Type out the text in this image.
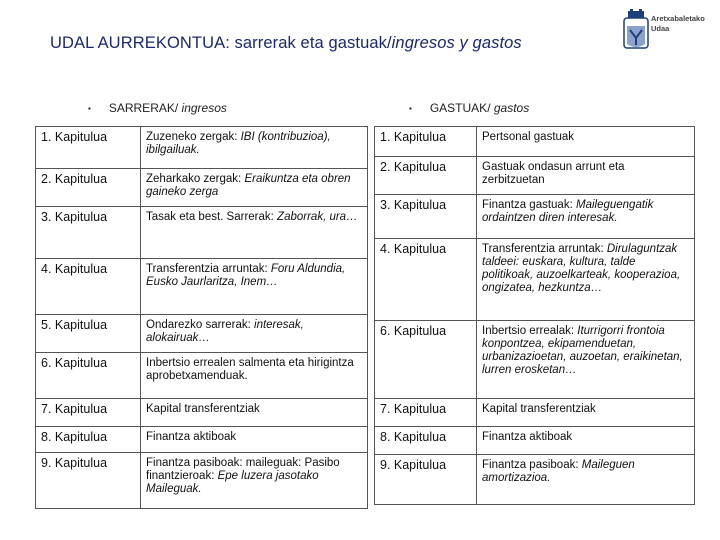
UDAL AURREKONTUA: sarrerak eta gastuak/ingresos y gastos
Aretxabaletako
Udaa
▪ SARRERAK/ ingresos	▪ GASTUAK/ gastos
1. Kapitulua	Zuzeneko zergak: IBI (kontribuzioa), ibilgailuak.
2. Kapitulua	Zeharkako zergak: Eraikuntza eta obren gaineko zerga
3. Kapitulua	Tasak eta best. Sarrerak: Zaborrak, ura…
4. Kapitulua	Transferentzia arruntak: Foru Aldundia, Eusko Jaurlaritza, Inem…
5. Kapitulua	Ondarezko sarrerak: interesak, alokairuak…
6. Kapitulua	Inbertsio errealen salmenta eta hirigintza aprobetxamenduak.
7. Kapitulua	Kapital transferentziak
8. Kapitulua	Finantza aktiboak
9. Kapitulua	Finantza pasiboak: maileguak: Pasibo finantzieroak: Epe luzera jasotako Maileguak.
1. Kapitulua	Pertsonal gastuak
2. Kapitulua	Gastuak ondasun arrunt eta zerbitzuetan
3. Kapitulua	Finantza gastuak: Maileguengatik ordaintzen diren interesak.
4. Kapitulua	Transferentzia arruntak: Dirulaguntzak taldeei: euskara, kultura, talde politikoak, auzoelkarteak, kooperazioa, ongizatea, hezkuntza…
6. Kapitulua	Inbertsio errealak: Iturrigorri frontoia konpontzea, ekipamenduetan, urbanizazioetan, auzoetan, eraikinetan, lurren erosketan…
7. Kapitulua	Kapital transferentziak
8. Kapitulua	Finantza aktiboak
9. Kapitulua	Finantza pasiboak: Maileguen amortizazioa.
